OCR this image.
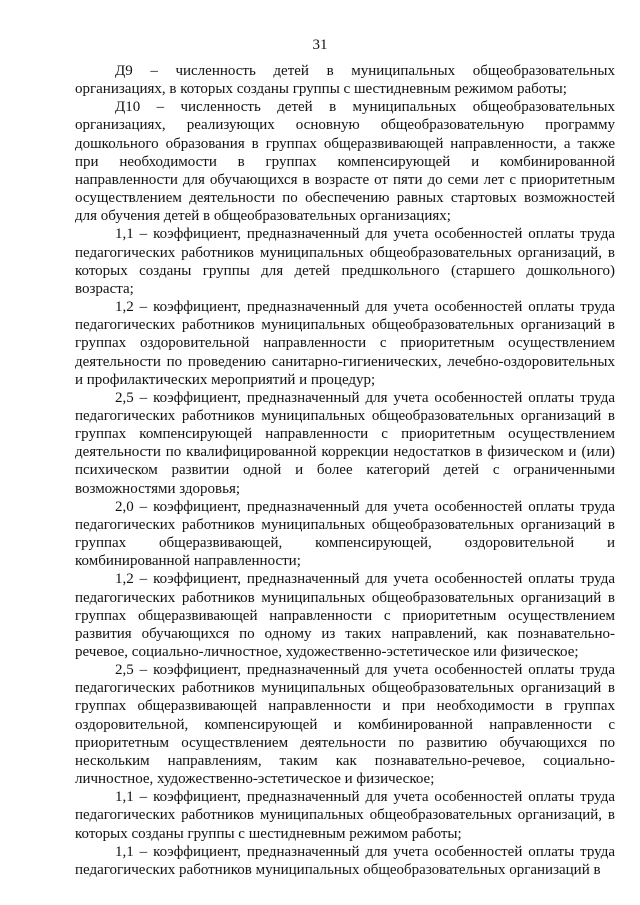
31

Д9 – численность детей в муниципальных общеобразовательных организациях, в которых созданы группы с шестидневным режимом работы;

Д10 – численность детей в муниципальных общеобразовательных организациях, реализующих основную общеобразовательную программу дошкольного образования в группах общеразвивающей направленности, а также при необходимости в группах компенсирующей и комбинированной направленности для обучающихся в возрасте от пяти до семи лет с приоритетным осуществлением деятельности по обеспечению равных стартовых возможностей для обучения детей в общеобразовательных организациях;

1,1 – коэффициент, предназначенный для учета особенностей оплаты труда педагогических работников муниципальных общеобразовательных организаций, в которых созданы группы для детей предшкольного (старшего дошкольного) возраста;

1,2 – коэффициент, предназначенный для учета особенностей оплаты труда педагогических работников муниципальных общеобразовательных организаций в группах оздоровительной направленности с приоритетным осуществлением деятельности по проведению санитарно-гигиенических, лечебно-оздоровительных и профилактических мероприятий и процедур;

2,5 – коэффициент, предназначенный для учета особенностей оплаты труда педагогических работников муниципальных общеобразовательных организаций в группах компенсирующей направленности с приоритетным осуществлением деятельности по квалифицированной коррекции недостатков в физическом и (или) психическом развитии одной и более категорий детей с ограниченными возможностями здоровья;

2,0 – коэффициент, предназначенный для учета особенностей оплаты труда педагогических работников муниципальных общеобразовательных организаций в группах общеразвивающей, компенсирующей, оздоровительной и комбинированной направленности;

1,2 – коэффициент, предназначенный для учета особенностей оплаты труда педагогических работников муниципальных общеобразовательных организаций в группах общеразвивающей направленности с приоритетным осуществлением развития обучающихся по одному из таких направлений, как познавательно-речевое, социально-личностное, художественно-эстетическое или физическое;

2,5 – коэффициент, предназначенный для учета особенностей оплаты труда педагогических работников муниципальных общеобразовательных организаций в группах общеразвивающей направленности и при необходимости в группах оздоровительной, компенсирующей и комбинированной направленности с приоритетным осуществлением деятельности по развитию обучающихся по нескольким направлениям, таким как познавательно-речевое, социально-личностное, художественно-эстетическое и физическое;

1,1 – коэффициент, предназначенный для учета особенностей оплаты труда педагогических работников муниципальных общеобразовательных организаций, в которых созданы группы с шестидневным режимом работы;

1,1 – коэффициент, предназначенный для учета особенностей оплаты труда педагогических работников муниципальных общеобразовательных организаций в
